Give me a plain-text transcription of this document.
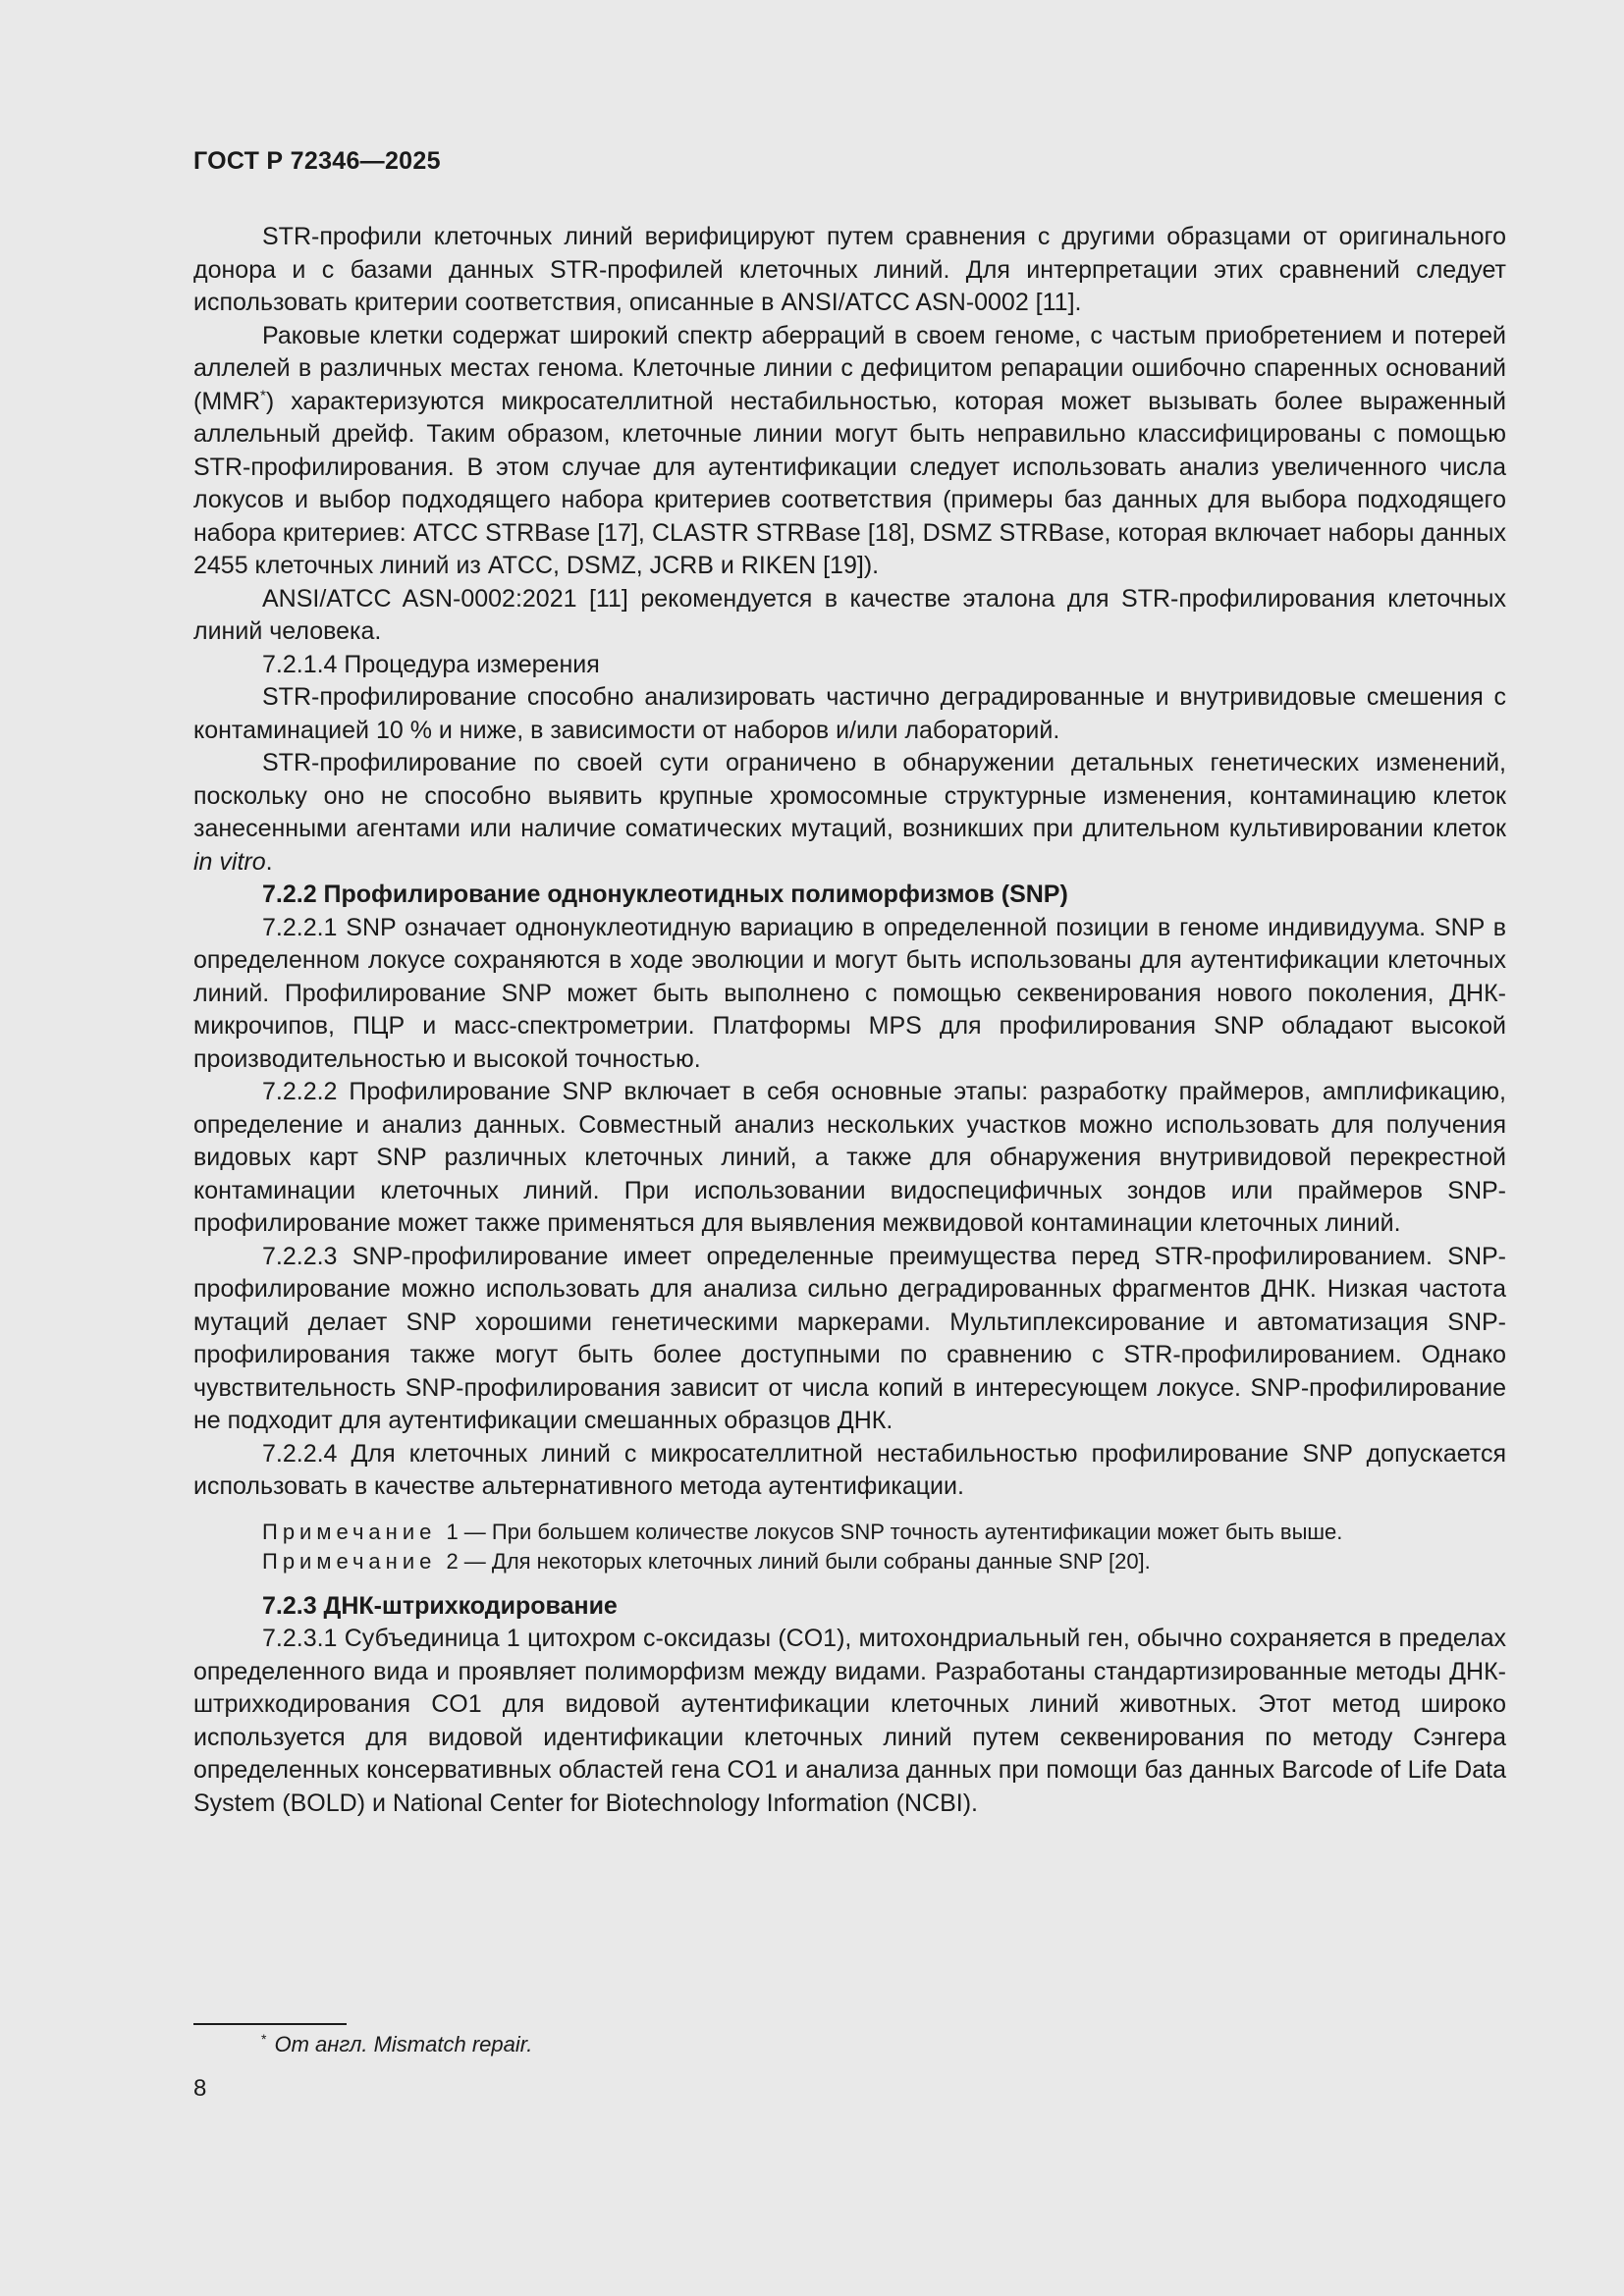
ГОСТ Р 72346—2025

STR-профили клеточных линий верифицируют путем сравнения с другими образцами от оригинального донора и с базами данных STR-профилей клеточных линий. Для интерпретации этих сравнений следует использовать критерии соответствия, описанные в ANSI/ATCC ASN-0002 [11].

Раковые клетки содержат широкий спектр аберраций в своем геноме, с частым приобретением и потерей аллелей в различных местах генома. Клеточные линии с дефицитом репарации ошибочно спаренных оснований (MMR*) характеризуются микросателлитной нестабильностью, которая может вызывать более выраженный аллельный дрейф. Таким образом, клеточные линии могут быть неправильно классифицированы с помощью STR-профилирования. В этом случае для аутентификации следует использовать анализ увеличенного числа локусов и выбор подходящего набора критериев соответствия (примеры баз данных для выбора подходящего набора критериев: ATCC STRBase [17], CLASTR STRBase [18], DSMZ STRBase, которая включает наборы данных 2455 клеточных линий из ATCC, DSMZ, JCRB и RIKEN [19]).

ANSI/ATCC ASN-0002:2021 [11] рекомендуется в качестве эталона для STR-профилирования клеточных линий человека.

7.2.1.4 Процедура измерения

STR-профилирование способно анализировать частично деградированные и внутривидовые смешения с контаминацией 10 % и ниже, в зависимости от наборов и/или лабораторий.

STR-профилирование по своей сути ограничено в обнаружении детальных генетических изменений, поскольку оно не способно выявить крупные хромосомные структурные изменения, контаминацию клеток занесенными агентами или наличие соматических мутаций, возникших при длительном культивировании клеток in vitro.

7.2.2 Профилирование однонуклеотидных полиморфизмов (SNP)

7.2.2.1 SNP означает однонуклеотидную вариацию в определенной позиции в геноме индивидуума. SNP в определенном локусе сохраняются в ходе эволюции и могут быть использованы для аутентификации клеточных линий. Профилирование SNP может быть выполнено с помощью секвенирования нового поколения, ДНК-микрочипов, ПЦР и масс-спектрометрии. Платформы MPS для профилирования SNP обладают высокой производительностью и высокой точностью.

7.2.2.2 Профилирование SNP включает в себя основные этапы: разработку праймеров, амплификацию, определение и анализ данных. Совместный анализ нескольких участков можно использовать для получения видовых карт SNP различных клеточных линий, а также для обнаружения внутривидовой перекрестной контаминации клеточных линий. При использовании видоспецифичных зондов или праймеров SNP-профилирование может также применяться для выявления межвидовой контаминации клеточных линий.

7.2.2.3 SNP-профилирование имеет определенные преимущества перед STR-профилированием. SNP-профилирование можно использовать для анализа сильно деградированных фрагментов ДНК. Низкая частота мутаций делает SNP хорошими генетическими маркерами. Мультиплексирование и автоматизация SNP-профилирования также могут быть более доступными по сравнению с STR-профилированием. Однако чувствительность SNP-профилирования зависит от числа копий в интересующем локусе. SNP-профилирование не подходит для аутентификации смешанных образцов ДНК.

7.2.2.4 Для клеточных линий с микросателлитной нестабильностью профилирование SNP допускается использовать в качестве альтернативного метода аутентификации.

Примечание 1 — При большем количестве локусов SNP точность аутентификации может быть выше.
Примечание 2 — Для некоторых клеточных линий были собраны данные SNP [20].

7.2.3 ДНК-штрихкодирование

7.2.3.1 Субъединица 1 цитохром с-оксидазы (CO1), митохондриальный ген, обычно сохраняется в пределах определенного вида и проявляет полиморфизм между видами. Разработаны стандартизированные методы ДНК-штрихкодирования CO1 для видовой аутентификации клеточных линий животных. Этот метод широко используется для видовой идентификации клеточных линий путем секвенирования по методу Сэнгера определенных консервативных областей гена CO1 и анализа данных при помощи баз данных Barcode of Life Data System (BOLD) и National Center for Biotechnology Information (NCBI).

* От англ. Mismatch repair.
8
